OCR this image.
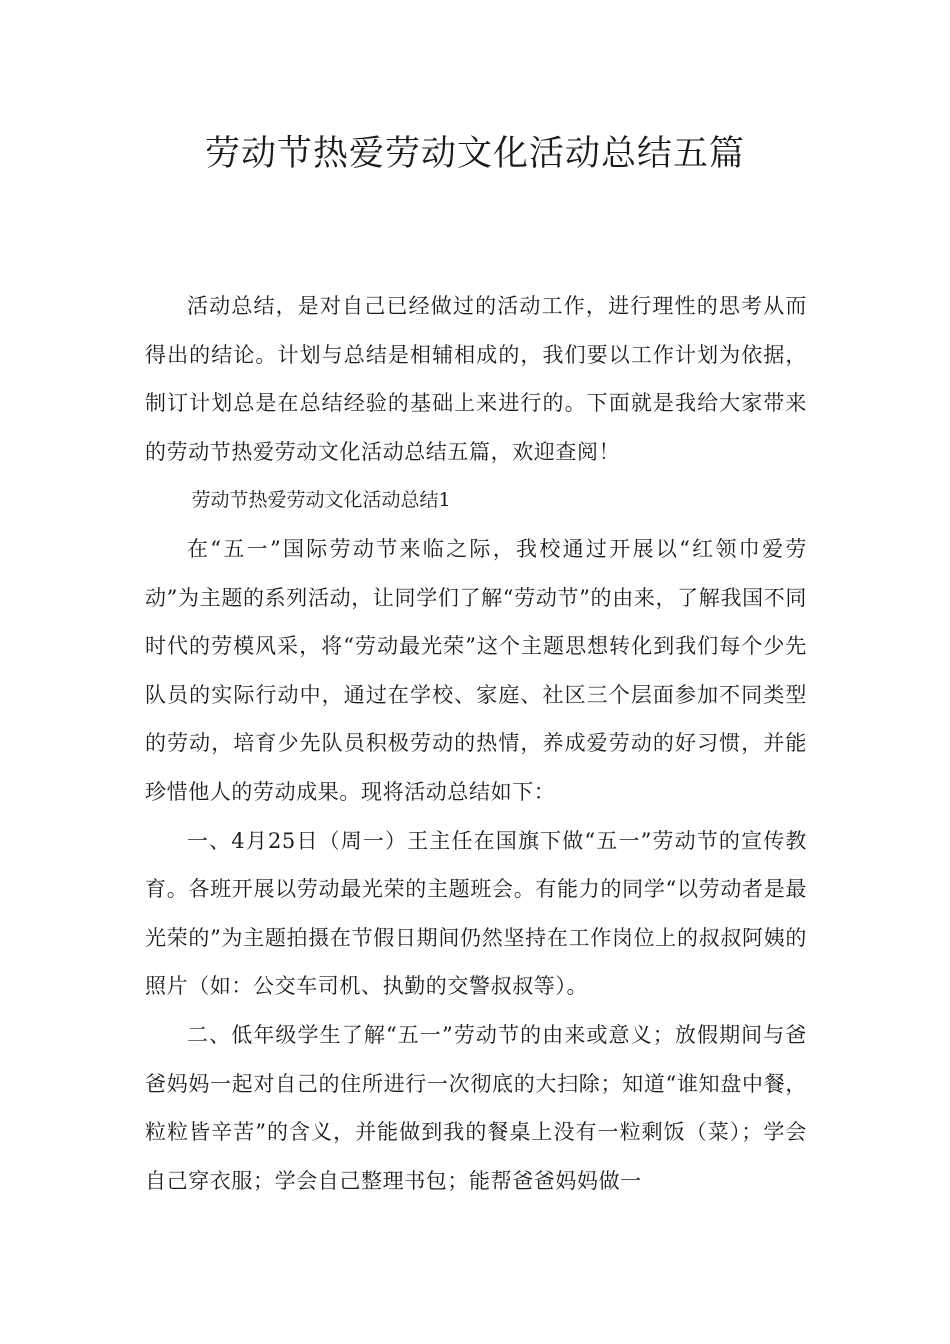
劳动节热爱劳动文化活动总结五篇

活动总结，是对自己已经做过的活动工作，进行理性的思考从而得出的结论。计划与总结是相辅相成的，我们要以工作计划为依据，制订计划总是在总结经验的基础上来进行的。下面就是我给大家带来的劳动节热爱劳动文化活动总结五篇，欢迎查阅！

劳动节热爱劳动文化活动总结1

在“五一”国际劳动节来临之际，我校通过开展以“红领巾爱劳动”为主题的系列活动，让同学们了解“劳动节”的由来，了解我国不同时代的劳模风采，将“劳动最光荣”这个主题思想转化到我们每个少先队员的实际行动中，通过在学校、家庭、社区三个层面参加不同类型的劳动，培育少先队员积极劳动的热情，养成爱劳动的好习惯，并能珍惜他人的劳动成果。现将活动总结如下：

一、4月25日（周一）王主任在国旗下做“五一”劳动节的宣传教育。各班开展以劳动最光荣的主题班会。有能力的同学“以劳动者是最光荣的”为主题拍摄在节假日期间仍然坚持在工作岗位上的叔叔阿姨的照片（如：公交车司机、执勤的交警叔叔等）。

二、低年级学生了解“五一”劳动节的由来或意义；放假期间与爸爸妈妈一起对自己的住所进行一次彻底的大扫除；知道“谁知盘中餐，粒粒皆辛苦”的含义，并能做到我的餐桌上没有一粒剩饭（菜）；学会自己穿衣服；学会自己整理书包；能帮爸爸妈妈做一
